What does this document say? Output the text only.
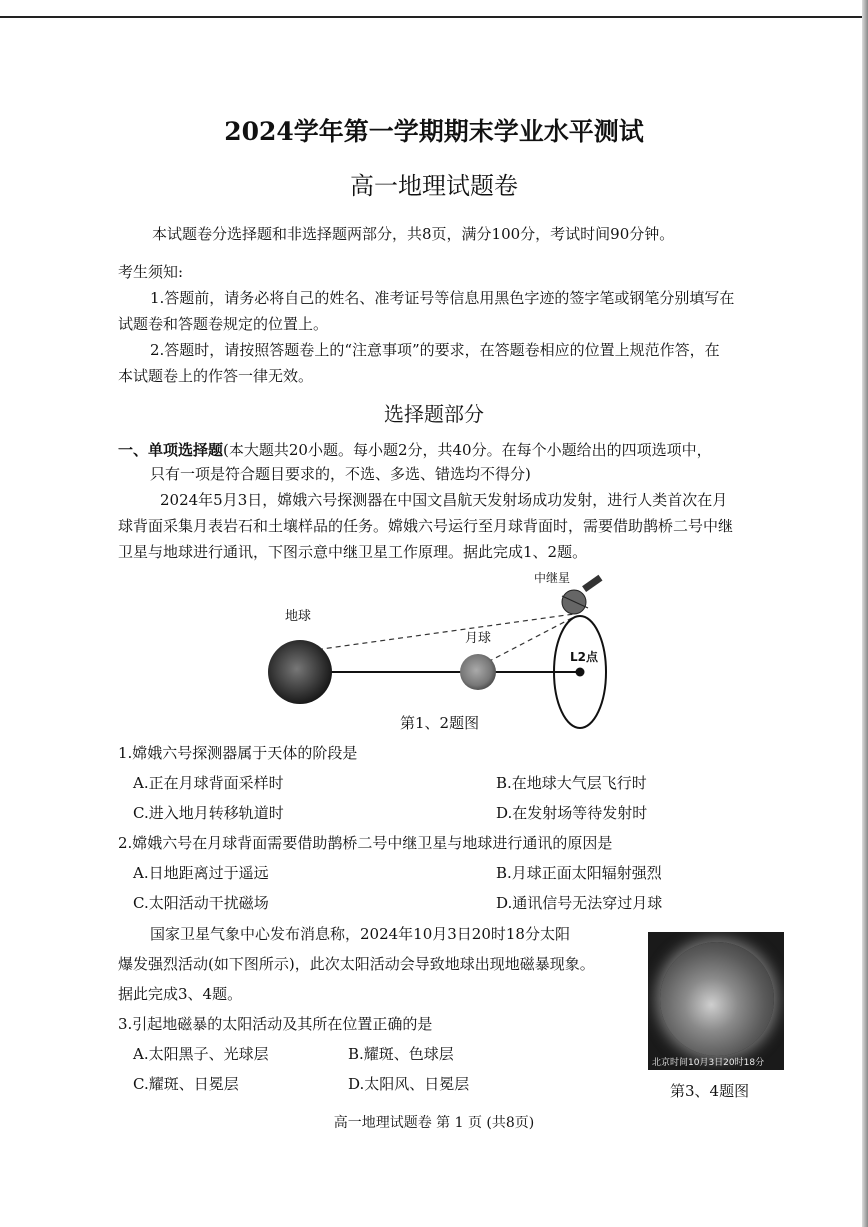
2024学年第一学期期末学业水平测试
高一地理试题卷
本试题卷分选择题和非选择题两部分，共8页，满分100分，考试时间90分钟。
考生须知:
1.答题前，请务必将自己的姓名、准考证号等信息用黑色字迹的签字笔或钢笔分别填写在
试题卷和答题卷规定的位置上。
2.答题时，请按照答题卷上的“注意事项”的要求，在答题卷相应的位置上规范作答，在
本试题卷上的作答一律无效。
选择题部分
一、单项选择题(本大题共20小题。每小题2分，共40分。在每个小题给出的四项选项中，
只有一项是符合题目要求的，不选、多选、错选均不得分)
2024年5月3日，嫦娥六号探测器在中国文昌航天发射场成功发射，进行人类首次在月
球背面采集月表岩石和土壤样品的任务。嫦娥六号运行至月球背面时，需要借助鹊桥二号中继
卫星与地球进行通讯，下图示意中继卫星工作原理。据此完成1、2题。
地球
月球
中继星
L2点
第1、2题图
1.嫦娥六号探测器属于天体的阶段是
A.正在月球背面采样时	B.在地球大气层飞行时
C.进入地月转移轨道时	D.在发射场等待发射时
2.嫦娥六号在月球背面需要借助鹊桥二号中继卫星与地球进行通讯的原因是
A.日地距离过于遥远	B.月球正面太阳辐射强烈
C.太阳活动干扰磁场	D.通讯信号无法穿过月球
国家卫星气象中心发布消息称，2024年10月3日20时18分太阳
爆发强烈活动(如下图所示)，此次太阳活动会导致地球出现地磁暴现象。
据此完成3、4题。
3.引起地磁暴的太阳活动及其所在位置正确的是
A.太阳黑子、光球层	B.耀斑、色球层
C.耀斑、日冕层	D.太阳风、日冕层
北京时间10月3日20时18分
第3、4题图
高一地理试题卷 第 1 页 (共8页)
